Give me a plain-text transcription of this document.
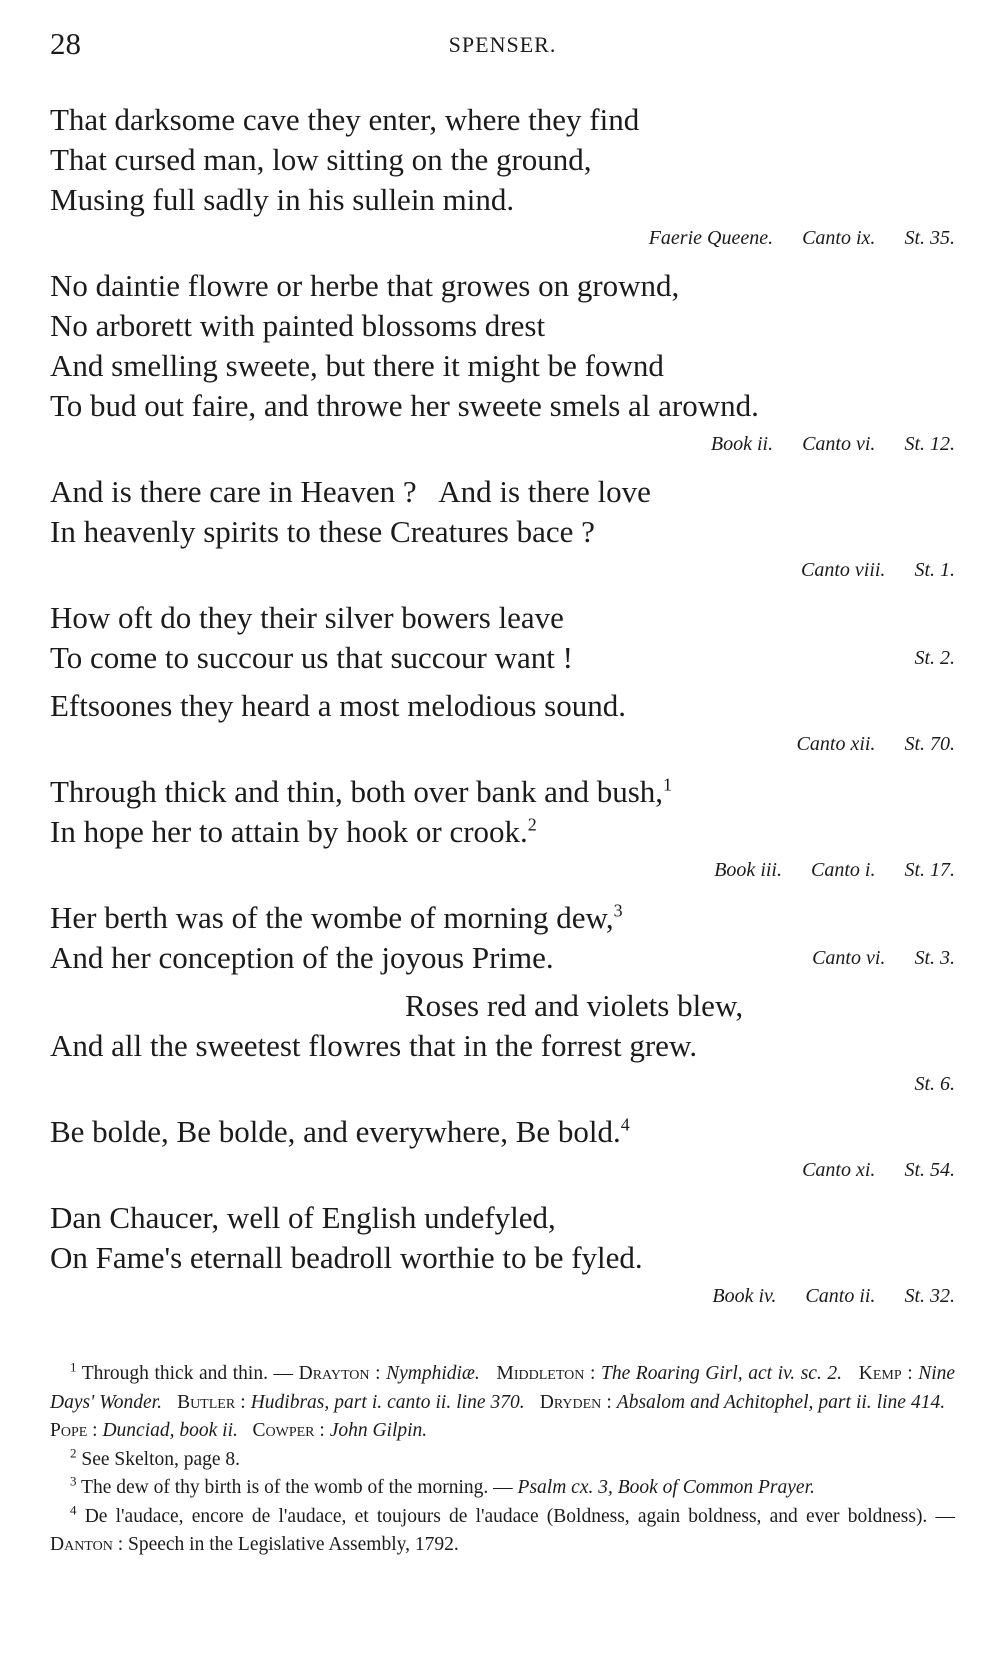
28	SPENSER.
That darksome cave they enter, where they find
That cursed man, low sitting on the ground,
Musing full sadly in his sullein mind.
Faerie Queene. Canto ix. St. 35.
No daintie flowre or herbe that growes on grownd,
No arborett with painted blossoms drest
And smelling sweete, but there it might be fownd
To bud out faire, and throwe her sweete smels al arownd.
Book ii. Canto vi. St. 12.
And is there care in Heaven ?   And is there love
In heavenly spirits to these Creatures bace ?
Canto viii. St. 1.
How oft do they their silver bowers leave
To come to succour us that succour want !	St. 2.
Eftsoones they heard a most melodious sound.
Canto xii. St. 70.
Through thick and thin, both over bank and bush,$^1$
In hope her to attain by hook or crook.$^2$
Book iii. Canto i. St. 17.
Her berth was of the wombe of morning dew,$^3$
And her conception of the joyous Prime.	Canto vi. St. 3.
Roses red and violets blew,
And all the sweetest flowres that in the forrest grew.
St. 6.
Be bolde, Be bolde, and everywhere, Be bold.$^4$
Canto xi. St. 54.
Dan Chaucer, well of English undefyled,
On Fame's eternall beadroll worthie to be fyled.
Book iv. Canto ii. St. 32.

$^1$ Through thick and thin. — Drayton : Nymphidiæ. Middleton : The Roaring Girl, act iv. sc. 2. Kemp : Nine Days' Wonder. Butler : Hudibras, part i. canto ii. line 370. Dryden : Absalom and Achitophel, part ii. line 414.   Pope : Dunciad, book ii. Cowper : John Gilpin.

$^2$ See Skelton, page 8.

$^3$ The dew of thy birth is of the womb of the morning. — Psalm cx. 3, Book of Common Prayer.

$^4$ De l'audace, encore de l'audace, et toujours de l'audace (Boldness, again boldness, and ever boldness). — Danton : Speech in the Legislative Assembly, 1792.
